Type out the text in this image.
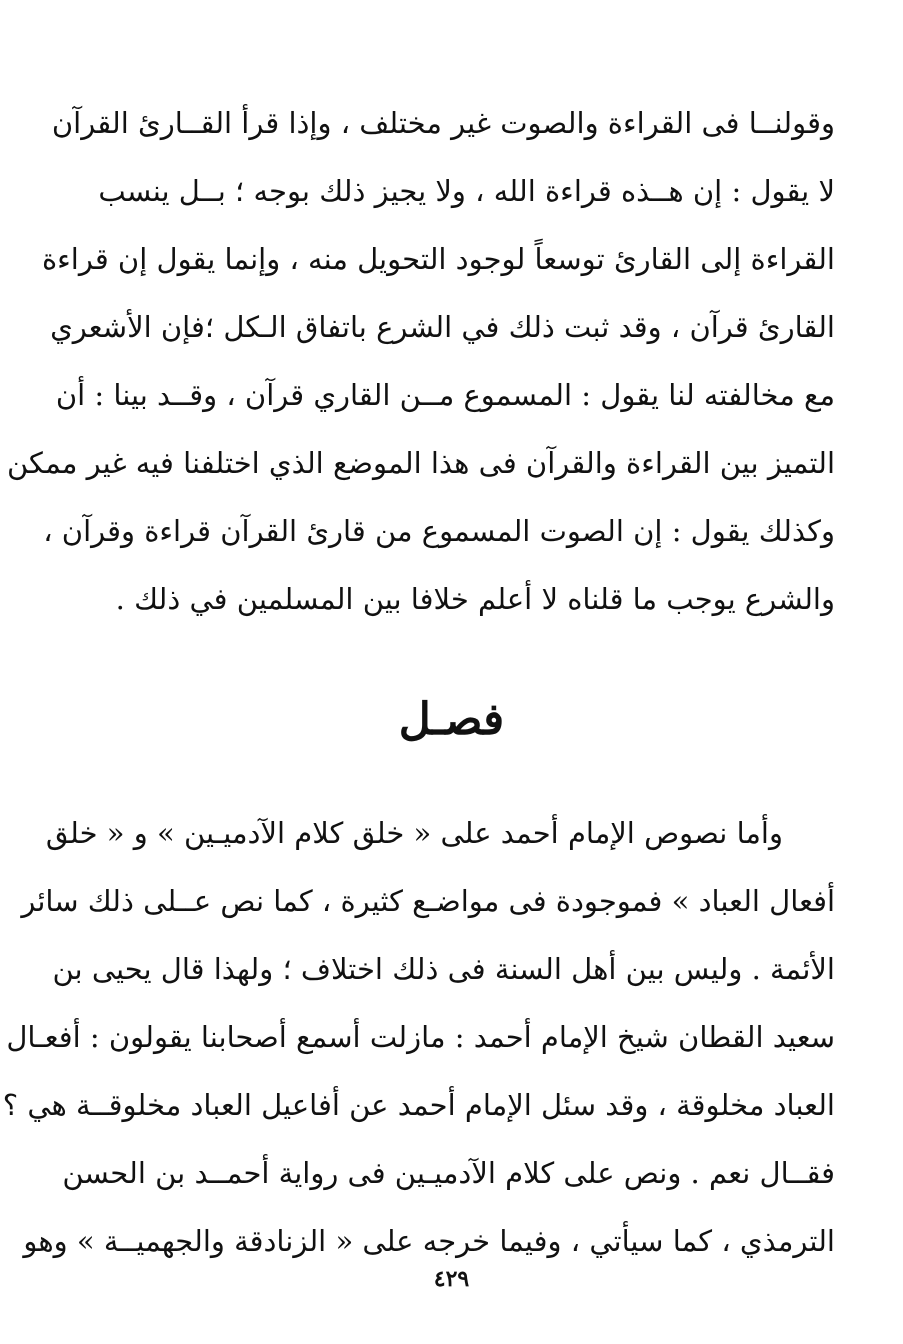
وقولنــا فى القراءة والصوت غير مختلف ، وإذا قرأ القــارئ القرآن
لا يقول : إن هــذه قراءة الله ، ولا يجيز ذلك بوجه ؛ بــل ينسب
القراءة إلى القارئ توسعاً لوجود التحويل منه ، وإنما يقول إن قراءة
القارئ قرآن ، وقد ثبت ذلك في الشرع باتفاق الـكل ؛فإن الأشعري
مع مخالفته لنا يقول : المسموع مــن القاري قرآن ، وقــد بينا : أن
التميز بين القراءة والقرآن فى هذا الموضع الذي اختلفنا فيه غير ممكن
وكذلك يقول : إن الصوت المسموع من قارئ القرآن قراءة وقرآن ،
والشرع يوجب ما قلناه لا أعلم خلافا بين المسلمين في ذلك .
فصـل
وأما نصوص الإمام أحمد على « خلق كلام الآدميـين » و « خلق
أفعال العباد » فموجودة فى مواضـع كثيرة ، كما نص عــلى ذلك سائر
الأئمة . وليس بين أهل السنة فى ذلك اختلاف ؛ ولهذا قال يحيى بن
سعيد القطان شيخ الإمام أحمد : مازلت أسمع أصحابنا يقولون : أفعـال
العباد مخلوقة ، وقد سئل الإمام أحمد عن أفاعيل العباد مخلوقــة هي ؟
فقــال نعم . ونص على كلام الآدميـين فى رواية أحمــد بن الحسن
الترمذي ، كما سيأتي ، وفيما خرجه على « الزنادقة والجهميــة » وهو
٤٢٩
